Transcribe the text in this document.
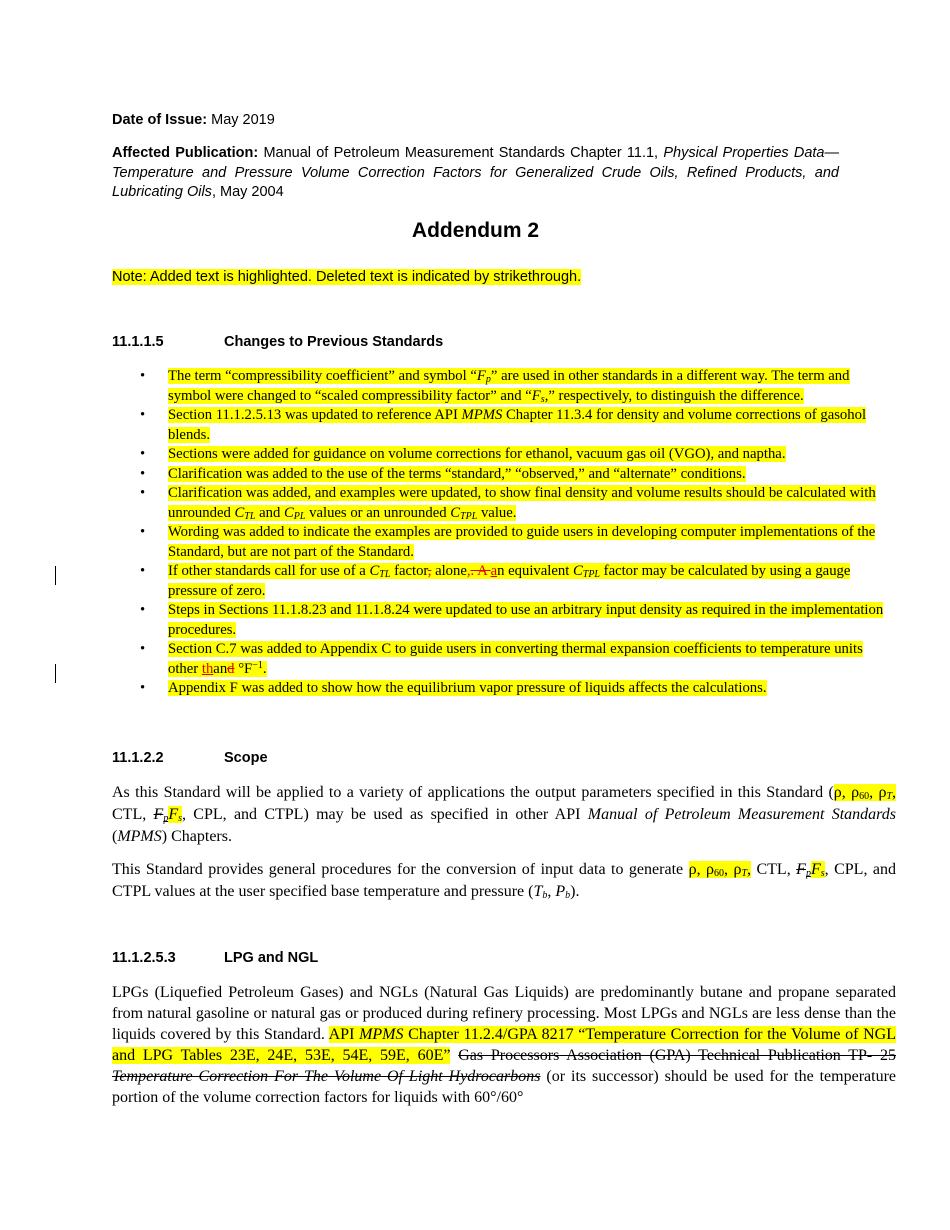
Date of Issue: May 2019
Affected Publication: Manual of Petroleum Measurement Standards Chapter 11.1, Physical Properties Data—Temperature and Pressure Volume Correction Factors for Generalized Crude Oils, Refined Products, and Lubricating Oils, May 2004
Addendum 2
Note: Added text is highlighted. Deleted text is indicated by strikethrough.
11.1.1.5	Changes to Previous Standards
• The term “compressibility coefficient” and symbol “$F_p$” are used in other standards in a different way. The term and symbol were changed to “scaled compressibility factor” and “$F_s$,” respectively, to distinguish the difference.
• Section 11.1.2.5.13 was updated to reference API MPMS Chapter 11.3.4 for density and volume corrections of gasohol blends.
• Sections were added for guidance on volume corrections for ethanol, vacuum gas oil (VGO), and naptha.
• Clarification was added to the use of the terms “standard,” “observed,” and “alternate” conditions.
• Clarification was added, and examples were updated, to show final density and volume results should be calculated with unrounded $C_{TL}$ and $C_{PL}$ values or an unrounded $C_{TPL}$ value.
• Wording was added to indicate the examples are provided to guide users in developing computer implementations of the Standard, but are not part of the Standard.
• If other standards call for use of a $C_{TL}$ factor, alone,. A an equivalent $C_{TPL}$ factor may be calculated by using a gauge pressure of zero.
• Steps in Sections 11.1.8.23 and 11.1.8.24 were updated to use an arbitrary input density as required in the implementation procedures.
• Section C.7 was added to Appendix C to guide users in converting thermal expansion coefficients to temperature units other thand $^\circ F^{-1}$.
• Appendix F was added to show how the equilibrium vapor pressure of liquids affects the calculations.
11.1.2.2	Scope
As this Standard will be applied to a variety of applications the output parameters specified in this Standard (ρ, $\rho_{60}$, $\rho_T$, CTL, $F_pF_s$, CPL, and CTPL) may be used as specified in other API Manual of Petroleum Measurement Standards (MPMS) Chapters.
This Standard provides general procedures for the conversion of input data to generate ρ, $\rho_{60}$, $\rho_T$, CTL, $F_pF_s$, CPL, and CTPL values at the user specified base temperature and pressure ($T_b$, $P_b$).
11.1.2.5.3	LPG and NGL
LPGs (Liquefied Petroleum Gases) and NGLs (Natural Gas Liquids) are predominantly butane and propane separated from natural gasoline or natural gas or produced during refinery processing. Most LPGs and NGLs are less dense than the liquids covered by this Standard. API MPMS Chapter 11.2.4/GPA 8217 “Temperature Correction for the Volume of NGL and LPG Tables 23E, 24E, 53E, 54E, 59E, 60E” Gas Processors Association (GPA) Technical Publication TP- 25 Temperature Correction For The Volume Of Light Hydrocarbons (or its successor) should be used for the temperature portion of the volume correction factors for liquids with 60°/60°
